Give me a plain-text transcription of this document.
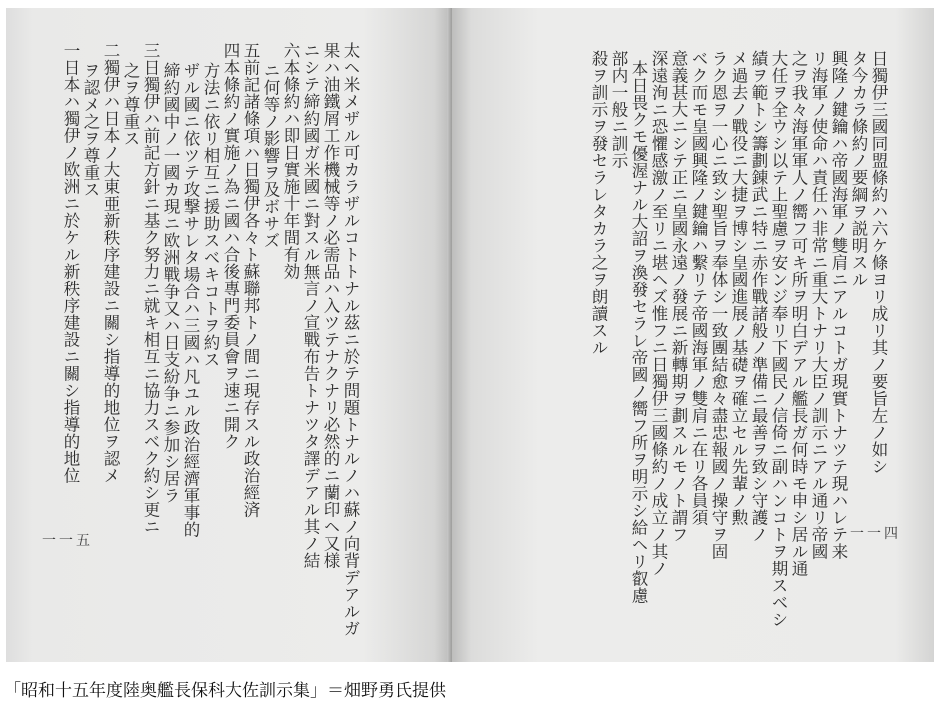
一日本ハ獨伊ノ欧洲ニ於ケル新秩序建設ニ關シ指導的地位 ヲ認メ之ヲ尊重ス 二獨伊ハ日本ノ大東亜新秩序建設ニ關シ指導的地位ヲ認メ 之ヲ尊重ス 三日獨伊ハ前記方針ニ基ク努力ニ就キ相互ニ協力スベク約シ更ニ 締約國中ノ一國カ現ニ欧洲戰争又ハ日支紛争ニ参加シ居ラ ザル國ニ依ツテ攻撃サレタ場合ハ三國ハ凡ユル政治經濟軍事的 方法ニ依リ相互ニ援助スベキコトヲ約ス 四本條約ノ實施ノ為ニ國ハ合後專門委員會ヲ速ニ開ク 五前記諸條項ハ日獨伊各々ト蘇聯邦トノ間ニ現存スル政治經済 ニ何等ノ影響ヲ及ボサズ 六本條約ハ即日實施十年間有効 ニシテ締約國ガ米國ニ對スル無言ノ宣戰布告トナツタ譯デアル其ノ結 果ハ油鐵屑工作機械等ノ必需品ハ入ツテナクナリ必然的ニ蘭印ヘ又様 太ヘ米メザル可カラザルコトトナル茲ニ於テ問題トナルノハ蘇ノ向背デアルガ
一一五
殺ヲ訓示ヲ發セラレタカラ之ヲ朗讀スル 部内一般ニ訓示 本日畏クモ優渥ナル大詔ヲ渙發セラレ帝國ノ嚮フ所ヲ明示シ給ヘリ叡慮 深遠洵ニ恐懼感激ノ至リニ堪ヘズ惟フニ日獨伊三國條約ノ成立ノ其ノ 意義甚大ニシテ正ニ皇國永遠ノ發展ニ新轉期ヲ劃スルモノト謂フ ベク而モ皇國興隆ノ鍵鑰ハ繫リテ帝國海軍ノ雙肩ニ在リ各員須 ラク恩ヲ一心ニ致シ聖旨ヲ奉体シ一致團結愈々盡忠報國ノ操守ヲ固 メ過去ノ戰役ニ大捷ヲ博シ皇國進展ノ基礎ヲ確立セル先輩ノ勲 績ヲ範トシ籌劃錬武ニ特ニ赤作戰諸般ノ準備ニ最善ヲ致シ守護ノ 大任ヲ全ウシ以テ上聖慮ヲ安ンジ奉リ下國民ノ信倚ニ副ハンコトヲ期スベシ 之ヲ我々海軍軍人ノ嚮フ可キ所ヲ明白デアル艦長ガ何時モ申シ居ル通 リ海軍ノ使命ハ責任ハ非常ニ重大トナリ大臣ノ訓示ニアル通リ帝國 興隆ノ鍵鑰ハ帝國海軍ノ雙肩ニアルコトガ現實トナツテ現ハレテ来 タ今カラ條約ノ要綱ヲ説明スル 日獨伊三國同盟條約ハ六ケ條ヨリ成リ其ノ要旨左ノ如シ
一一四
「昭和十五年度陸奥艦長保科大佐訓示集」＝畑野勇氏提供
